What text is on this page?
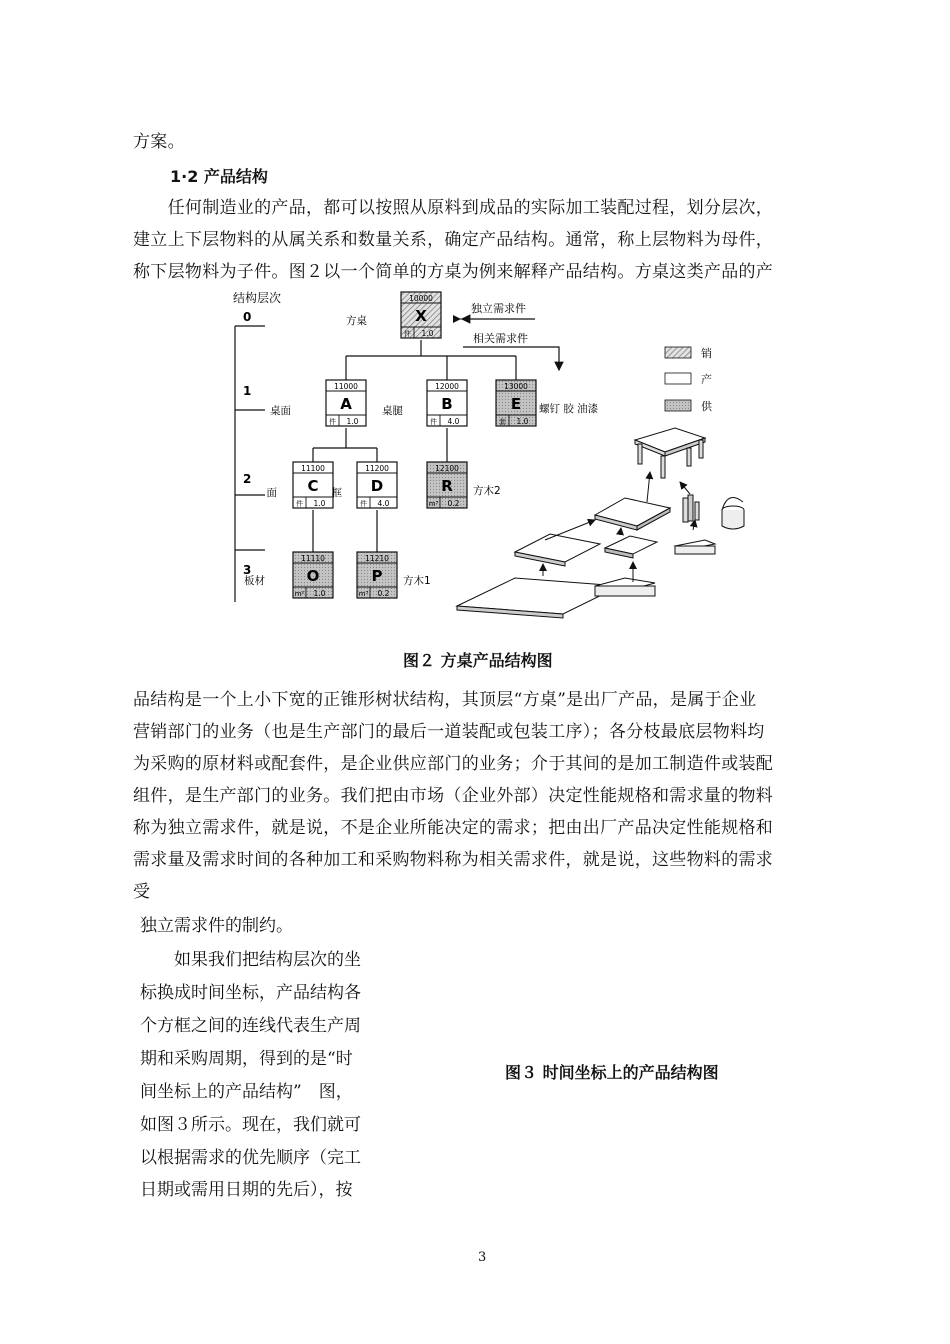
方案。
1·2 产品结构
　　任何制造业的产品，都可以按照从原料到成品的实际加工装配过程，划分层次，
建立上下层物料的从属关系和数量关系，确定产品结构。通常，称上层物料为母件，
称下层物料为子件。图２以一个简单的方桌为例来解释产品结构。方桌这类产品的产
结构层次
0
1
2
3
独立需求件
相关需求件
10000
X
件 1.0
方桌
11000
A
件 1.0
桌面
12000
B
件 4.0
桌腿
13000
E
套 1.0
螺钉 胶 油漆
11100
C
件 1.0
面
11200
D
件 4.0
框
12100
R
m³ 0.2
方木2
11110
O
m² 1.0
板材
11210
P
m³ 0.2
方木1
销
产
供
图２ 方桌产品结构图
品结构是一个上小下宽的正锥形树状结构，其顶层“方桌”是出厂产品，是属于企业
营销部门的业务（也是生产部门的最后一道装配或包装工序）；各分枝最底层物料均
为采购的原材料或配套件，是企业供应部门的业务；介于其间的是加工制造件或装配
组件，是生产部门的业务。我们把由市场（企业外部）决定性能规格和需求量的物料
称为独立需求件，就是说，不是企业所能决定的需求；把由出厂产品决定性能规格和
需求量及需求时间的各种加工和采购物料称为相关需求件，就是说，这些物料的需求
受
独立需求件的制约。
　　如果我们把结构层次的坐
标换成时间坐标，产品结构各
个方框之间的连线代表生产周
期和采购周期，得到的是“时
间坐标上的产品结构”　图，
如图３所示。现在，我们就可
以根据需求的优先顺序（完工
日期或需用日期的先后），按
图３ 时间坐标上的产品结构图
3
